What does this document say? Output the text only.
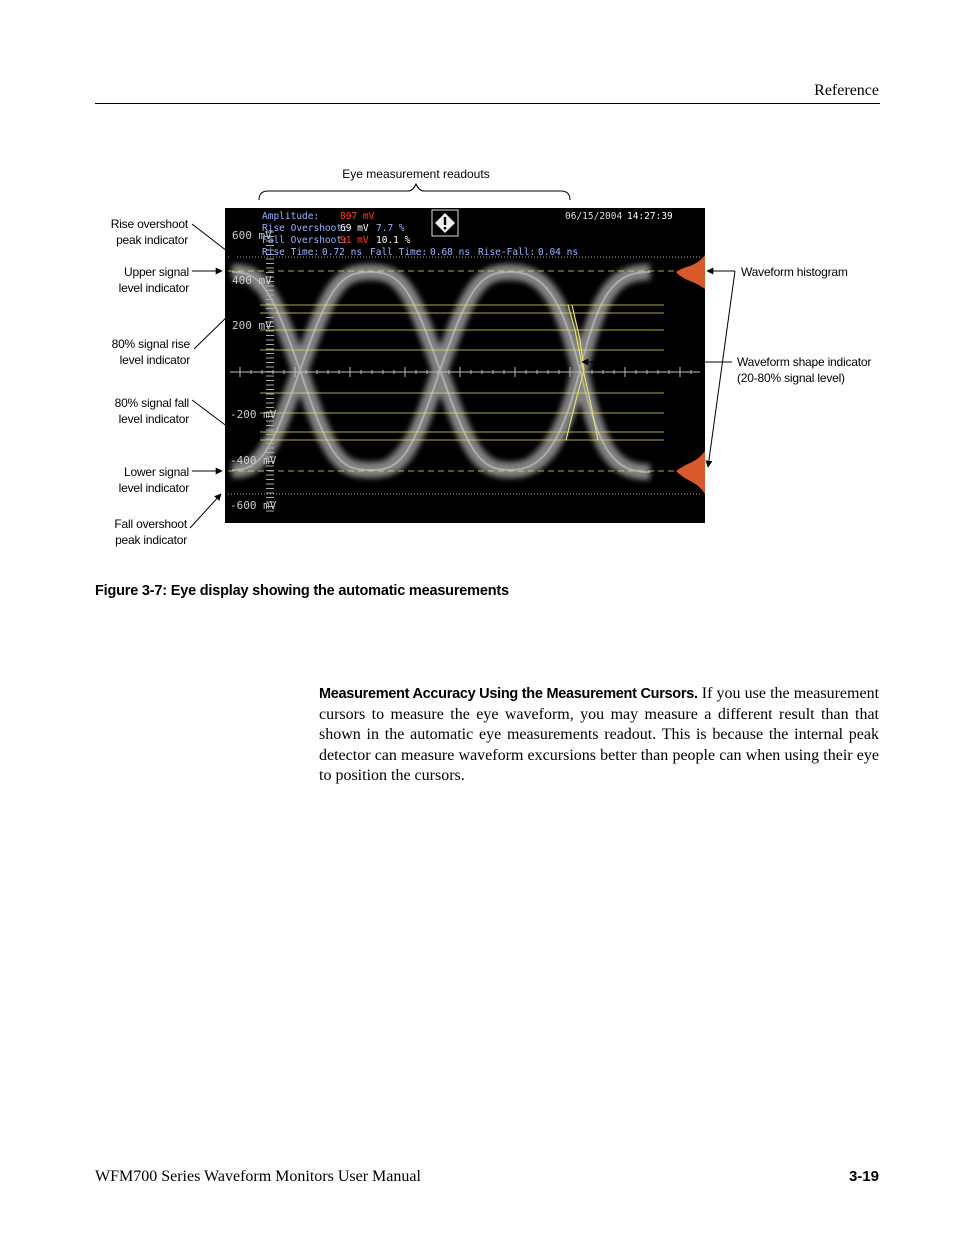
Reference
Eye measurement readouts
600 mV
400 mV
200 mV
-200 mV
-400 mV
-600 mV
Amplitude: 897 mV
Rise Overshoot:
69 mV 7.7 %
Fall Overshoot:
91 mV 10.1 %
Rise Time: 0.72 ns Fall Time: 0.68 ns Rise-Fall: 0.04 ns
06/15/2004 14:27:39
Rise overshoot
peak indicator
Upper signal
level indicator
80% signal rise
level indicator
80% signal fall
level indicator
Lower signal
level indicator
Fall overshoot
peak indicator
Waveform histogram
Waveform shape indicator
(20-80% signal level)
Figure 3-7: Eye display showing the automatic measurements
Measurement Accuracy Using the Measurement Cursors. If you use the measurement cursors to measure the eye waveform, you may measure a different result than that shown in the automatic eye measurements readout. This is because the internal peak detector can measure waveform excursions better than people can when using their eye to position the cursors.
WFM700 Series Waveform Monitors User Manual	3-19
